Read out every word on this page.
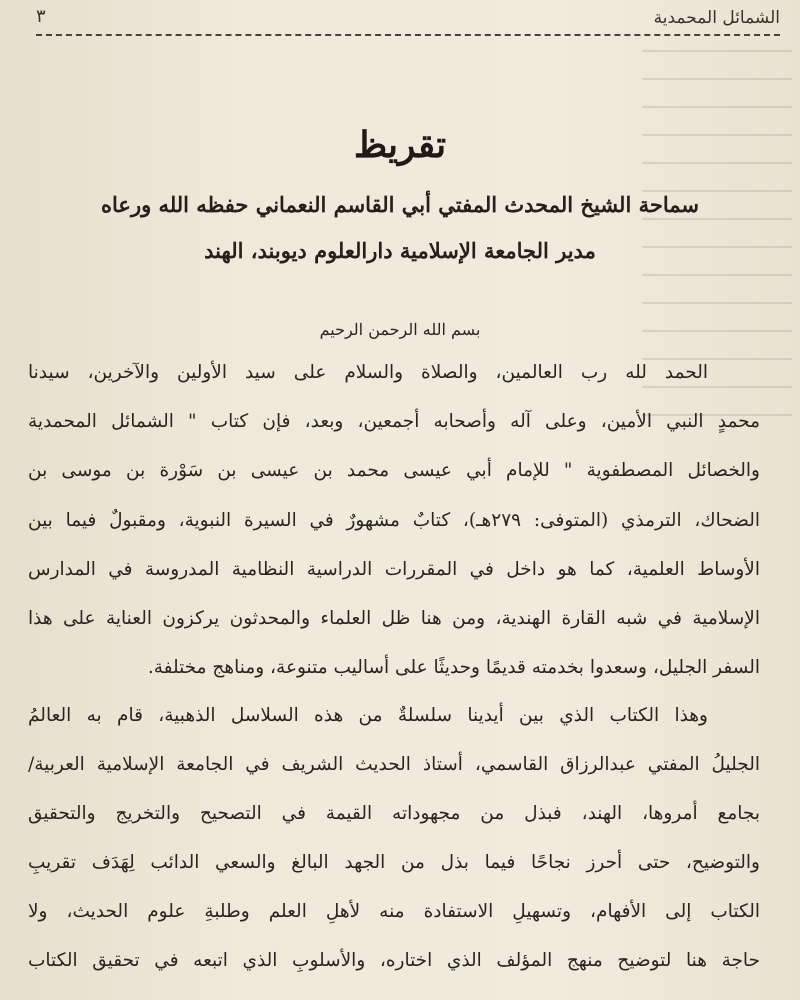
الشمائل المحمدية
٣
تقريظ
سماحة الشيخ المحدث المفتي أبي القاسم النعماني حفظه الله ورعاه
مدير الجامعة الإسلامية دارالعلوم ديوبند، الهند
بسم الله الرحمن الرحيم
الحمد لله رب العالمين، والصلاة والسلام على سيد الأولين والآخرين، سيدنا
محمدٍ النبي الأمين، وعلى آله وأصحابه أجمعين، وبعد، فإن كتاب " الشمائل المحمدية
والخصائل المصطفوية " للإمام أبي عيسى محمد بن عيسى بن سَوْرة بن موسى بن
الضحاك، الترمذي (المتوفى: ٢٧٩هـ)، كتابٌ مشهورٌ في السيرة النبوية، ومقبولٌ فيما بين
الأوساط العلمية، كما هو داخل في المقررات الدراسية النظامية المدروسة في المدارس
الإسلامية في شبه القارة الهندية، ومن هنا ظل العلماء والمحدثون يركزون العناية على هذا
السفر الجليل، وسعدوا بخدمته قديمًا وحديثًا على أساليب متنوعة، ومناهج مختلفة.
وهذا الكتاب الذي بين أيدينا سلسلةٌ من هذه السلاسل الذهبية، قام به العالمُ
الجليلُ المفتي عبدالرزاق القاسمي، أستاذ الحديث الشريف في الجامعة الإسلامية العربية/
بجامع أمروها، الهند، فبذل من مجهوداته القيمة في التصحيح والتخريج والتحقيق
والتوضيح، حتى أحرز نجاحًا فيما بذل من الجهد البالغ والسعي الدائب لِهَدَف تقريبِ
الكتاب إلى الأفهام، وتسهيلِ الاستفادة منه لأهلِ العلم وطلبةِ علوم الحديث، ولا
حاجة هنا لتوضيح منهج المؤلف الذي اختاره، والأسلوبِ الذي اتبعه في تحقيق الكتاب
